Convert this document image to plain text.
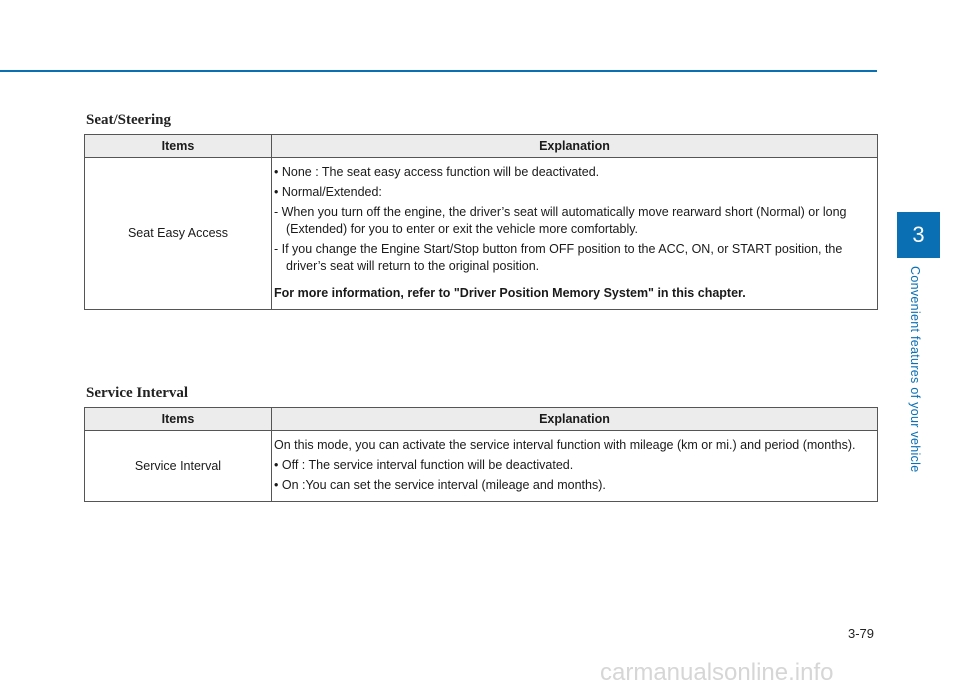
Seat/Steering
Items	Explanation
Seat Easy Access	• None : The seat easy access function will be deactivated.

• Normal/Extended:

- When you turn off the engine, the driver’s seat will automatically move rearward short (Normal) or long (Extended) for you to enter or exit the vehicle more comfortably.

- If you change the Engine Start/Stop button from OFF position to the ACC, ON, or START position, the driver’s seat will return to the original position.

For more information, refer to "Driver Position Memory System" in this chapter.

Service Interval
Items	Explanation
Service Interval	On this mode, you can activate the service interval function with mileage (km or mi.) and period (months).

• Off : The service interval function will be deactivated.

• On :You can set the service interval (mileage and months).

3
Convenient features of your vehicle
3-79
carmanualsonline.info
